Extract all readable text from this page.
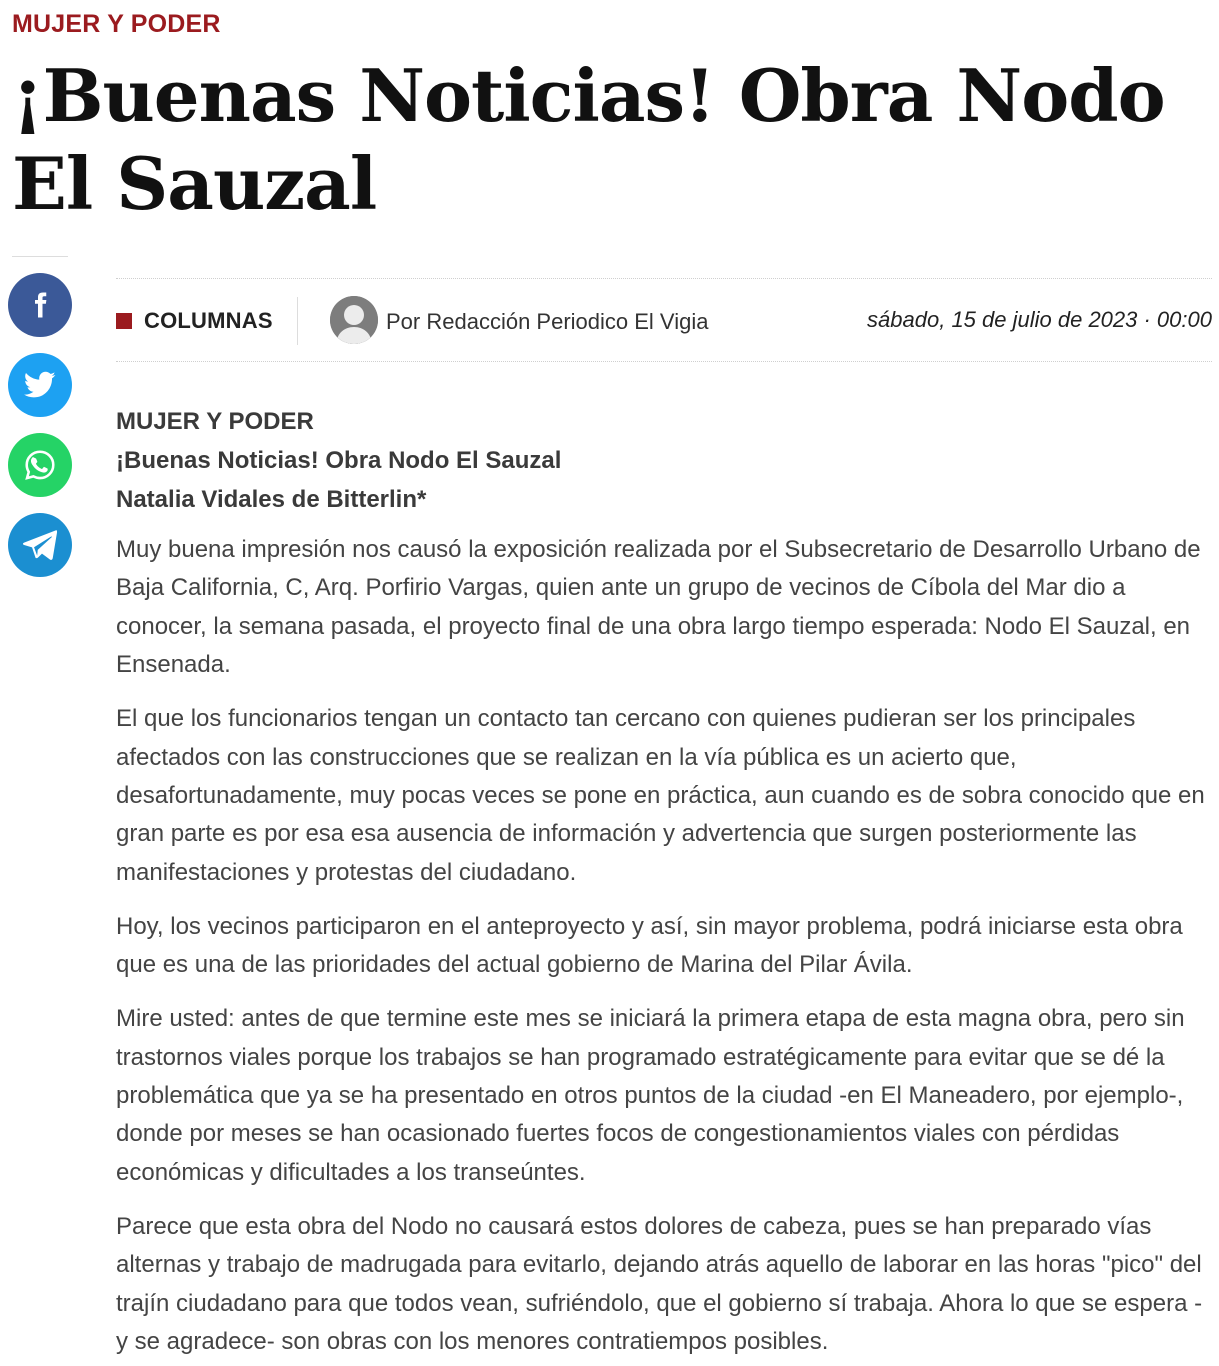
MUJER Y PODER
¡Buenas Noticias! Obra Nodo El Sauzal
COLUMNAS	Por Redacción Periodico El Vigia	sábado, 15 de julio de 2023 · 00:00
MUJER Y PODER
¡Buenas Noticias! Obra Nodo El Sauzal
Natalia Vidales de Bitterlin*

Muy buena impresión nos causó la exposición realizada por el Subsecretario de Desarrollo Urbano de Baja California, C, Arq. Porfirio Vargas, quien ante un grupo de vecinos de Cíbola del Mar dio a conocer, la semana pasada, el proyecto final de una obra largo tiempo esperada: Nodo El Sauzal, en Ensenada.

El que los funcionarios tengan un contacto tan cercano con quienes pudieran ser los principales afectados con las construcciones que se realizan en la vía pública es un acierto que, desafortunadamente, muy pocas veces se pone en práctica, aun cuando es de sobra conocido que en gran parte es por esa esa ausencia de información y advertencia que surgen posteriormente las manifestaciones y protestas del ciudadano.

Hoy, los vecinos participaron en el anteproyecto y así, sin mayor problema, podrá iniciarse esta obra que es una de las prioridades del actual gobierno de Marina del Pilar Ávila.

Mire usted: antes de que termine este mes se iniciará la primera etapa de esta magna obra, pero sin trastornos viales porque los trabajos se han programado estratégicamente para evitar que se dé la problemática que ya se ha presentado en otros puntos de la ciudad -en El Maneadero, por ejemplo-, donde por meses se han ocasionado fuertes focos de congestionamientos viales con pérdidas económicas y dificultades a los transeúntes.

Parece que esta obra del Nodo no causará estos dolores de cabeza, pues se han preparado vías alternas y trabajo de madrugada para evitarlo, dejando atrás aquello de laborar en las horas "pico" del trajín ciudadano para que todos vean, sufriéndolo, que el gobierno sí trabaja. Ahora lo que se espera -y se agradece- son obras con los menores contratiempos posibles.
